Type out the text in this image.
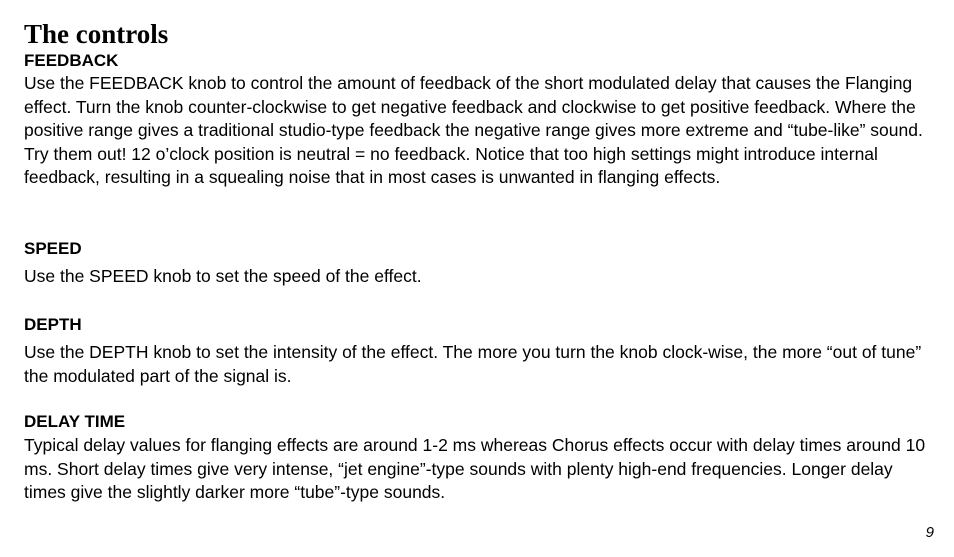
The controls
FEEDBACK

Use the FEEDBACK knob to control the amount of feedback of the short modulated delay that causes the Flanging effect. Turn the knob counter-clockwise to get negative feedback and clockwise to get positive feedback. Where the positive range gives a traditional studio-type feedback the negative range gives more extreme and “tube-like” sound. Try them out! 12 o’clock position is neutral = no feedback. Notice that too high settings might introduce internal feedback, resulting in a squealing noise that in most cases is unwanted in flanging effects.

SPEED

Use the SPEED knob to set the speed of the effect.

DEPTH

Use the DEPTH knob to set the intensity of the effect. The more you turn the knob clock-wise, the more “out of tune” the modulated part of the signal is.

DELAY TIME

Typical delay values for flanging effects are around 1-2 ms whereas Chorus effects occur with delay times around 10 ms. Short delay times give very intense, “jet engine”-type sounds with plenty high-end frequencies. Longer delay times give the slightly darker more “tube”-type sounds.

9
